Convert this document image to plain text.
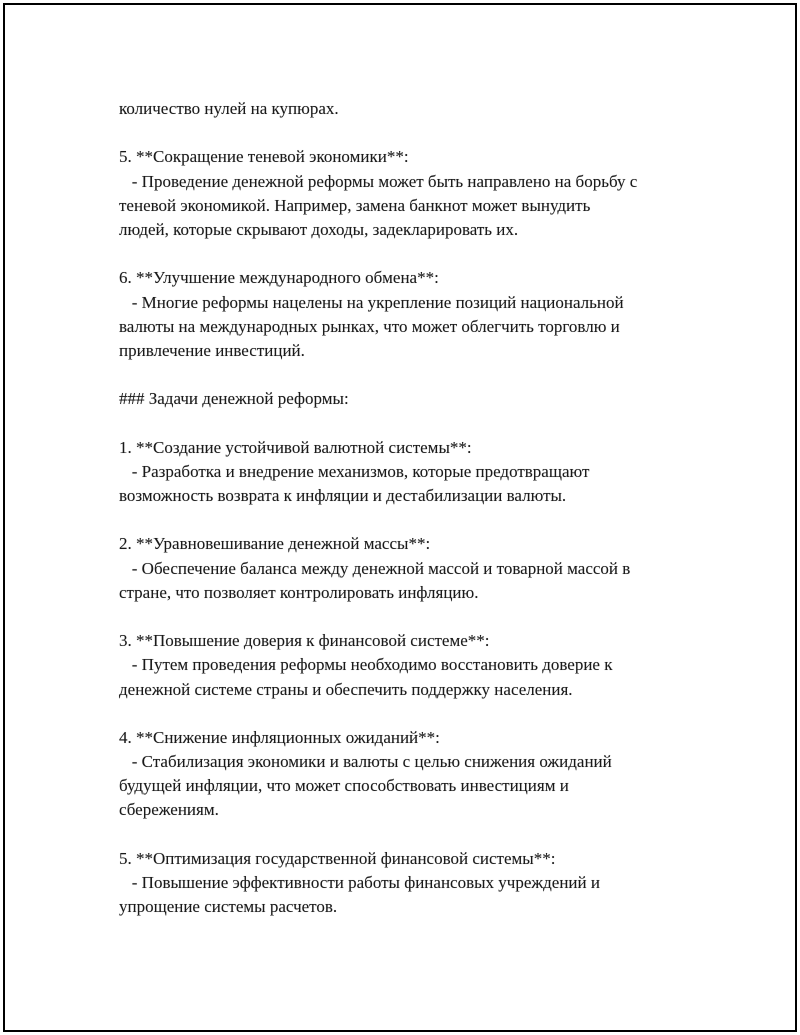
количество нулей на купюрах.
5. **Сокращение теневой экономики**:
- Проведение денежной реформы может быть направлено на борьбу с
теневой экономикой. Например, замена банкнот может вынудить
людей, которые скрывают доходы, задекларировать их.
6. **Улучшение международного обмена**:
- Многие реформы нацелены на укрепление позиций национальной
валюты на международных рынках, что может облегчить торговлю и
привлечение инвестиций.
### Задачи денежной реформы:
1. **Создание устойчивой валютной системы**:
- Разработка и внедрение механизмов, которые предотвращают
возможность возврата к инфляции и дестабилизации валюты.
2. **Уравновешивание денежной массы**:
- Обеспечение баланса между денежной массой и товарной массой в
стране, что позволяет контролировать инфляцию.
3. **Повышение доверия к финансовой системе**:
- Путем проведения реформы необходимо восстановить доверие к
денежной системе страны и обеспечить поддержку населения.
4. **Снижение инфляционных ожиданий**:
- Стабилизация экономики и валюты с целью снижения ожиданий
будущей инфляции, что может способствовать инвестициям и
сбережениям.
5. **Оптимизация государственной финансовой системы**:
- Повышение эффективности работы финансовых учреждений и
упрощение системы расчетов.
